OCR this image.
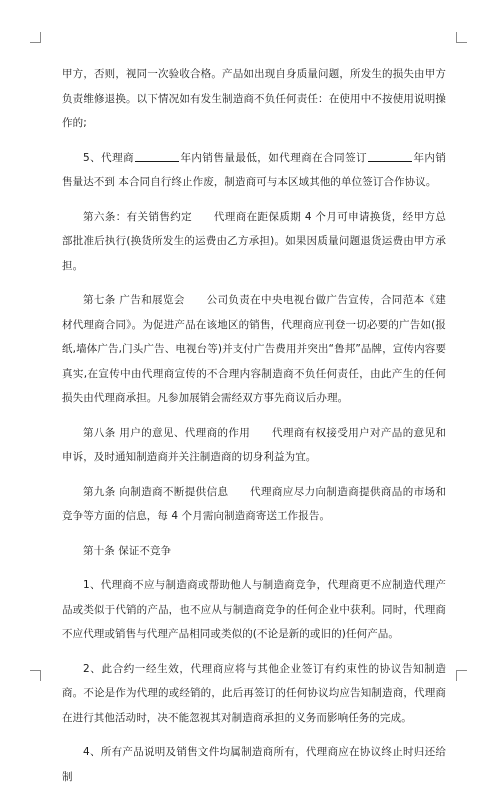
甲方，否则，视同一次验收合格。产品如出现自身质量问题，所发生的损失由甲方负责维修退换。以下情况如有发生制造商不负任何责任：在使用中不按使用说明操作的;

5、代理商	年内销售量最低，如代理商在合同签订	年内销售量达不到 本合同自行终止作废，制造商可与本区域其他的单位签订合作协议。

第六条：有关销售约定　　代理商在距保质期 4 个月可申请换货，经甲方总部批准后执行(换货所发生的运费由乙方承担)。如果因质量问题退货运费由甲方承担。

第七条 广告和展览会　　公司负责在中央电视台做广告宣传，合同范本《建材代理商合同》。为促进产品在该地区的销售，代理商应刊登一切必要的广告如(报纸,墙体广告,门头广告、电视台等)并支付广告费用并突出“鲁邦”品牌，宣传内容要真实,在宣传中由代理商宣传的不合理内容制造商不负任何责任，由此产生的任何损失由代理商承担。凡参加展销会需经双方事先商议后办理。

第八条 用户的意见、代理商的作用　　代理商有权接受用户对产品的意见和申诉，及时通知制造商并关注制造商的切身利益为宜。

第九条 向制造商不断提供信息　　代理商应尽力向制造商提供商品的市场和竞争等方面的信息，每 4 个月需向制造商寄送工作报告。

第十条 保证不竞争

1、代理商不应与制造商或帮助他人与制造商竞争，代理商更不应制造代理产品或类似于代销的产品，也不应从与制造商竞争的任何企业中获利。同时，代理商不应代理或销售与代理产品相同或类似的(不论是新的或旧的)任何产品。

2、此合约一经生效，代理商应将与其他企业签订有约束性的协议告知制造商。不论是作为代理的或经销的，此后再签订的任何协议均应告知制造商，代理商在进行其他活动时，决不能忽视其对制造商承担的义务而影响任务的完成。

4、所有产品说明及销售文件均属制造商所有，代理商应在协议终止时归还给制
